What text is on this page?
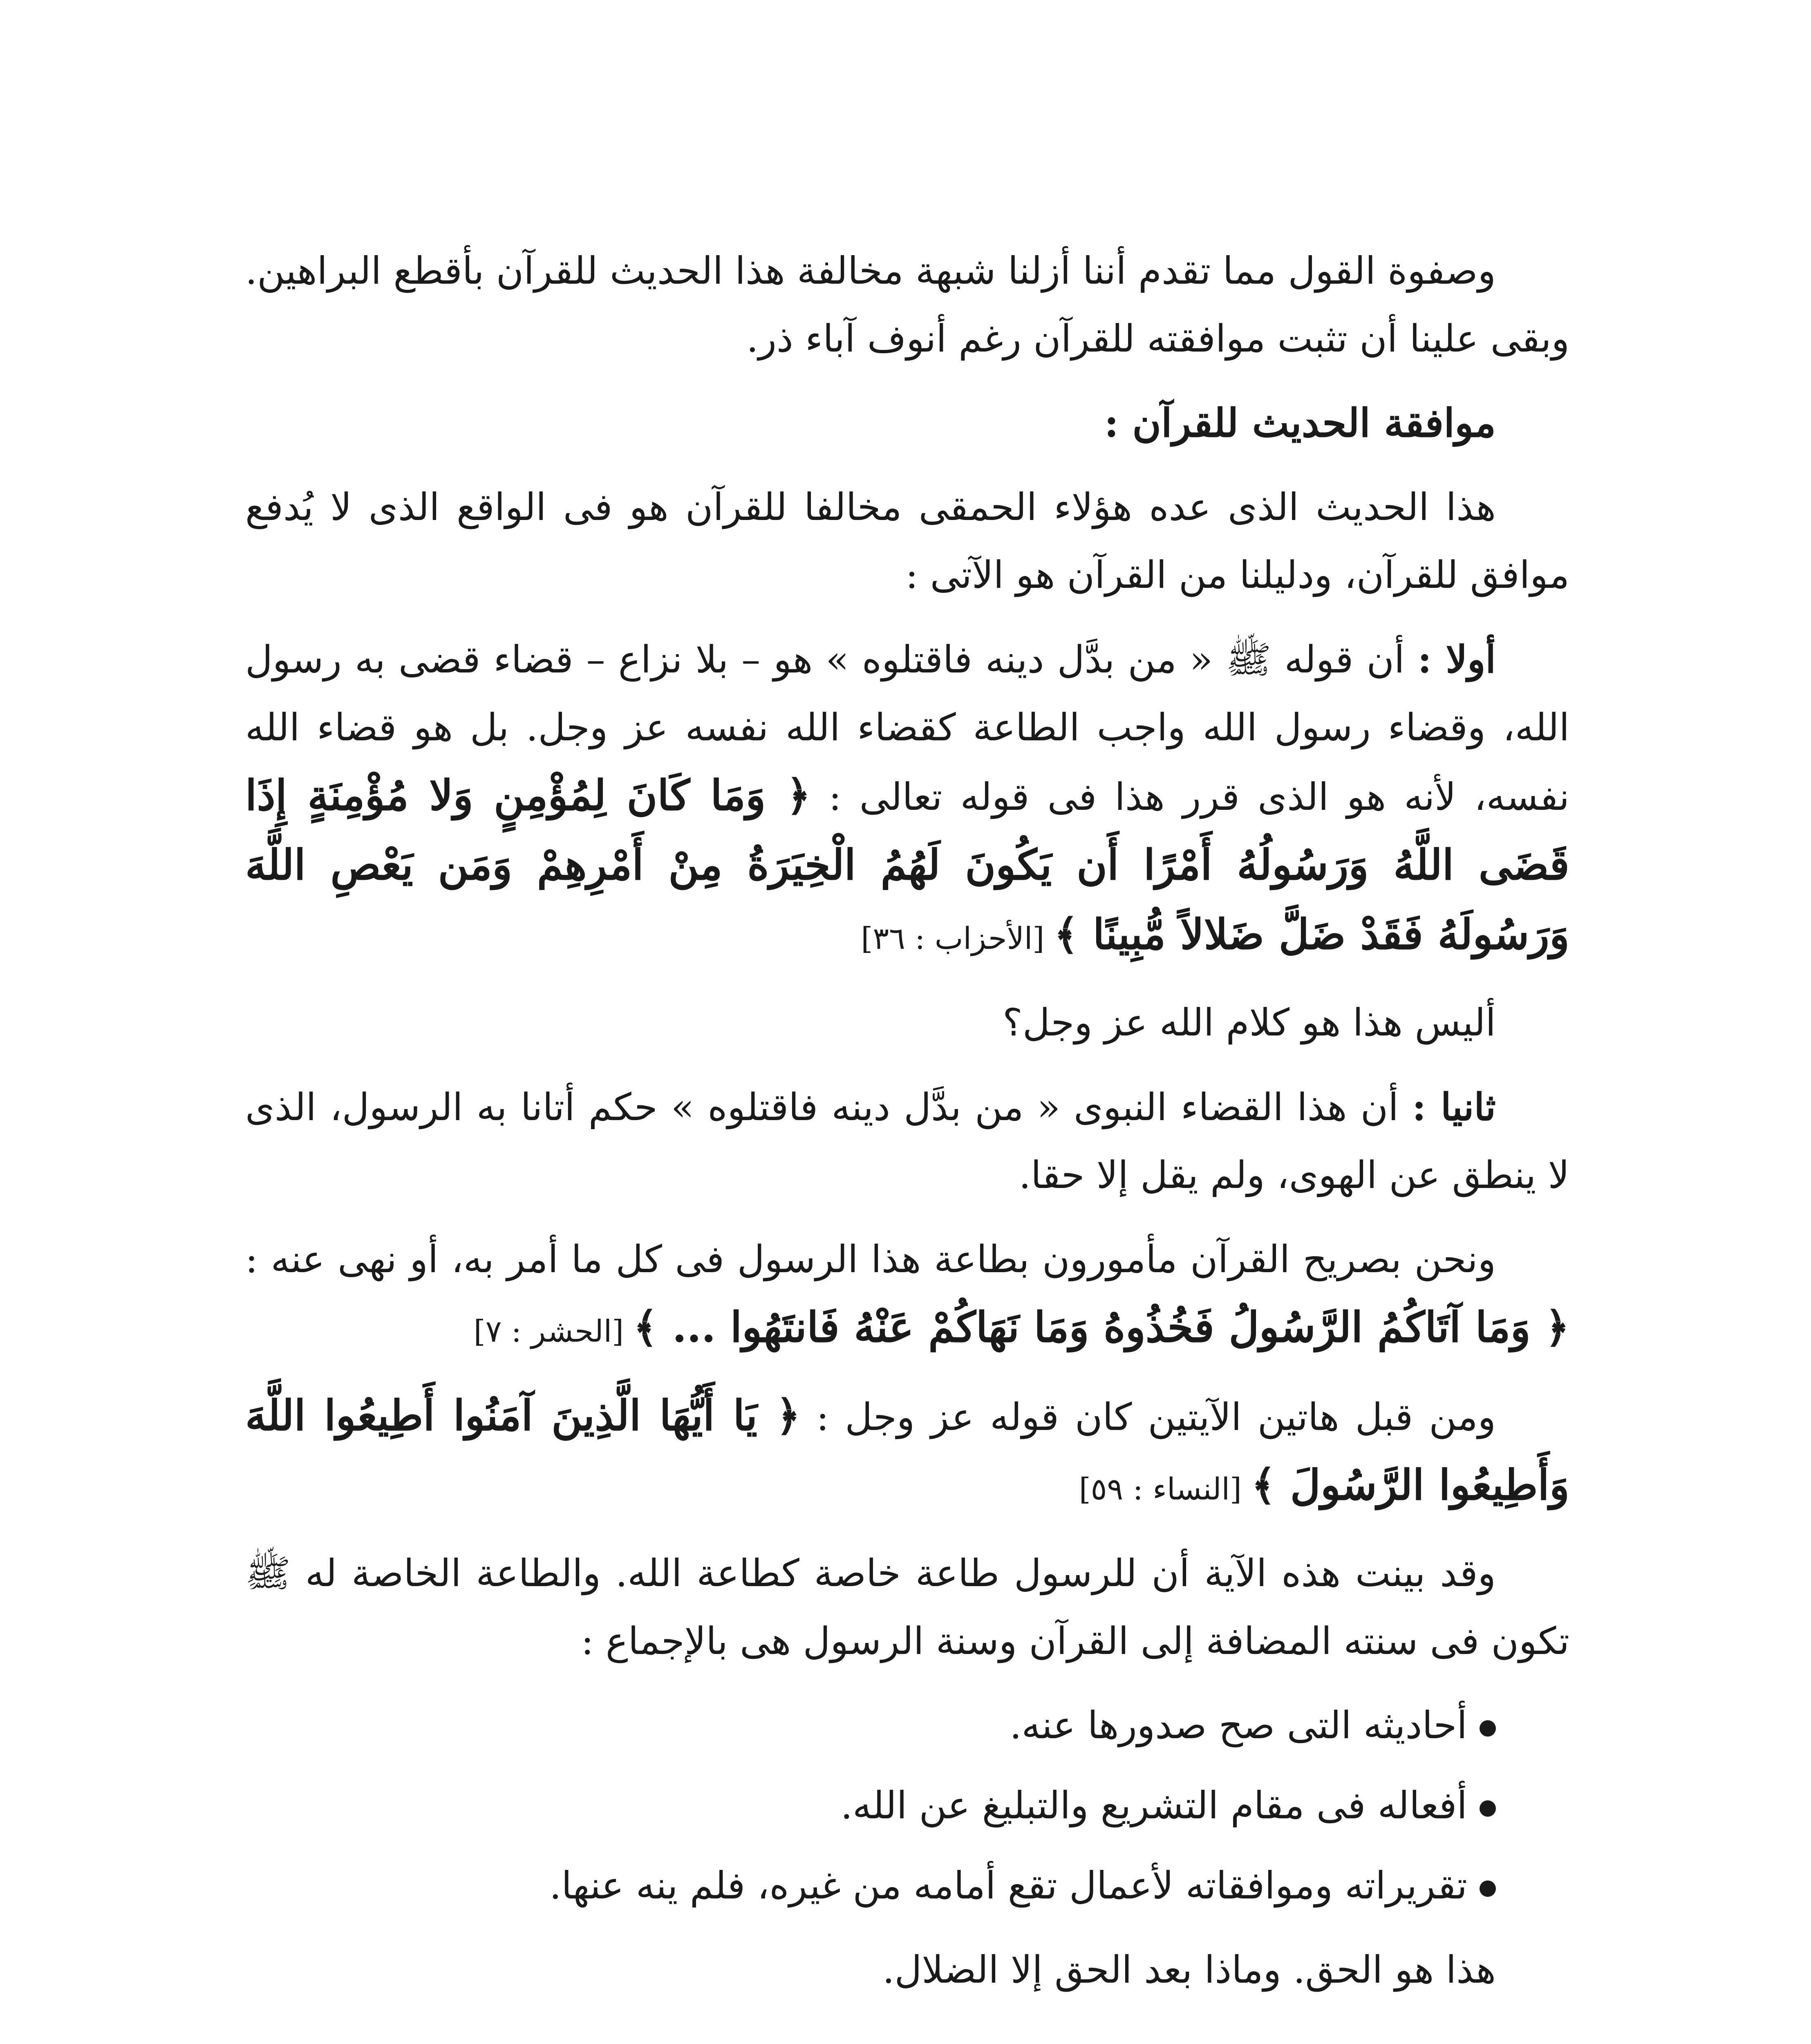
وصفوة القول مما تقدم أننا أزلنا شبهة مخالفة هذا الحديث للقرآن بأقطع البراهين. وبقى علينا أن تثبت موافقته للقرآن رغم أنوف آباء ذر.

موافقة الحديث للقرآن :

هذا الحديث الذى عده هؤلاء الحمقى مخالفا للقرآن هو فى الواقع الذى لا يُدفع موافق للقرآن، ودليلنا من القرآن هو الآتى :

أولا : أن قوله ﷺ « من بدَّل دينه فاقتلوه » هو – بلا نزاع – قضاء قضى به رسول الله، وقضاء رسول الله واجب الطاعة كقضاء الله نفسه عز وجل. بل هو قضاء الله نفسه، لأنه هو الذى قرر هذا فى قوله تعالى : ﴿ وَمَا كَانَ لِمُؤْمِنٍ وَلا مُؤْمِنَةٍ إِذَا قَضَى اللَّهُ وَرَسُولُهُ أَمْرًا أَن يَكُونَ لَهُمُ الْخِيَرَةُ مِنْ أَمْرِهِمْ وَمَن يَعْصِ اللَّهَ وَرَسُولَهُ فَقَدْ ضَلَّ ضَلالاً مُّبِينًا ﴾ [الأحزاب : ٣٦]

أليس هذا هو كلام الله عز وجل؟

ثانيا : أن هذا القضاء النبوى « من بدَّل دينه فاقتلوه » حكم أتانا به الرسول، الذى لا ينطق عن الهوى، ولم يقل إلا حقا.

ونحن بصريح القرآن مأمورون بطاعة هذا الرسول فى كل ما أمر به، أو نهى عنه : ﴿ وَمَا آتَاكُمُ الرَّسُولُ فَخُذُوهُ وَمَا نَهَاكُمْ عَنْهُ فَانتَهُوا ... ﴾ [الحشر : ٧]

ومن قبل هاتين الآيتين كان قوله عز وجل : ﴿ يَا أَيُّهَا الَّذِينَ آمَنُوا أَطِيعُوا اللَّهَ وَأَطِيعُوا الرَّسُولَ ﴾ [النساء : ٥٩]

وقد بينت هذه الآية أن للرسول طاعة خاصة كطاعة الله. والطاعة الخاصة له ﷺ تكون فى سنته المضافة إلى القرآن وسنة الرسول هى بالإجماع :

أحاديثه التى صح صدورها عنه.
أفعاله فى مقام التشريع والتبليغ عن الله.
تقريراته وموافقاته لأعمال تقع أمامه من غيره، فلم ينه عنها.

هذا هو الحق. وماذا بعد الحق إلا الضلال.
